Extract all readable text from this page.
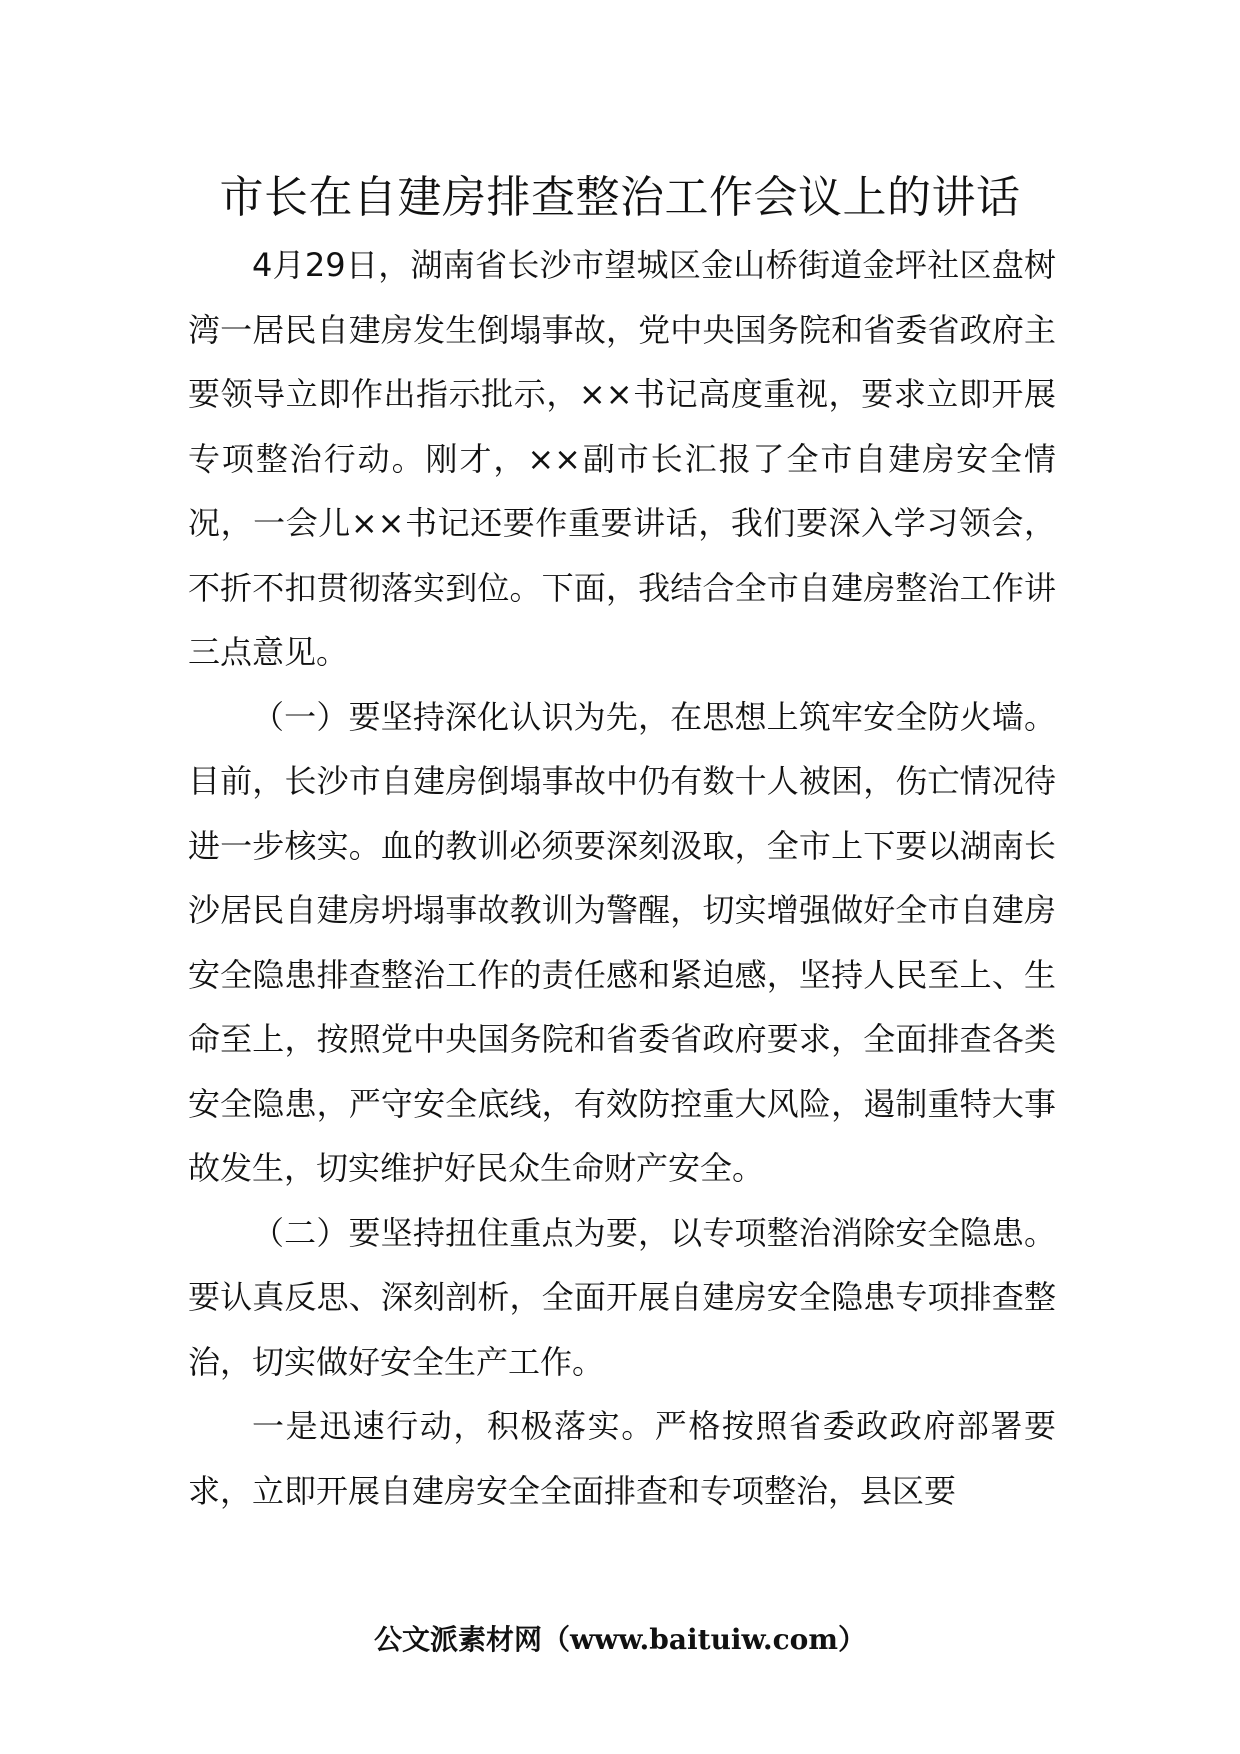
市长在自建房排查整治工作会议上的讲话

4月29日，湖南省长沙市望城区金山桥街道金坪社区盘树湾一居民自建房发生倒塌事故，党中央国务院和省委省政府主要领导立即作出指示批示，××书记高度重视，要求立即开展专项整治行动。刚才，××副市长汇报了全市自建房安全情况，一会儿××书记还要作重要讲话，我们要深入学习领会，不折不扣贯彻落实到位。下面，我结合全市自建房整治工作讲三点意见。

（一）要坚持深化认识为先，在思想上筑牢安全防火墙。目前，长沙市自建房倒塌事故中仍有数十人被困，伤亡情况待进一步核实。血的教训必须要深刻汲取，全市上下要以湖南长沙居民自建房坍塌事故教训为警醒，切实增强做好全市自建房安全隐患排查整治工作的责任感和紧迫感，坚持人民至上、生命至上，按照党中央国务院和省委省政府要求，全面排查各类安全隐患，严守安全底线，有效防控重大风险，遏制重特大事故发生，切实维护好民众生命财产安全。

（二）要坚持扭住重点为要，以专项整治消除安全隐患。要认真反思、深刻剖析，全面开展自建房安全隐患专项排查整治，切实做好安全生产工作。

一是迅速行动，积极落实。严格按照省委政政府部署要求，立即开展自建房安全全面排查和专项整治，县区要

公文派素材网（www.baituiw.com）
